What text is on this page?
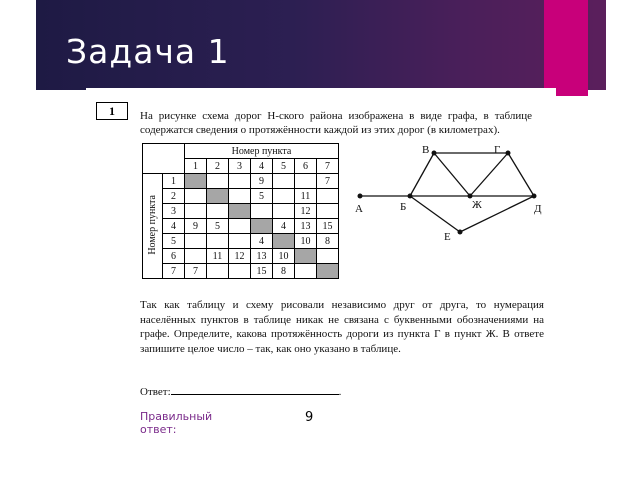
Задача 1
1	На рисунке схема дорог Н-ского района изображена в виде графа, в таблице содержатся сведения о протяжённости каждой из этих дорог (в километрах).
		Номер пункта						
		1	2	3	4	5	6	7
Номер пункта	1				9			7
	2				5		11	
	3						12	
	4	9	5			4	13	15
	5				4		10	8
	6		11	12	13	10		
	7	7			15	8		
В	Г
А	Б	Ж	Д
Е
Так как таблицу и схему рисовали независимо друг от друга, то нумерация населённых пунктов в таблице никак не связана с буквенными обозначениями на графе. Определите, какова протяжённость дороги из пункта Г в пункт Ж. В ответе запишите целое число – так, как оно указано в таблице.
Ответ:	.
Правильный ответ:
9
